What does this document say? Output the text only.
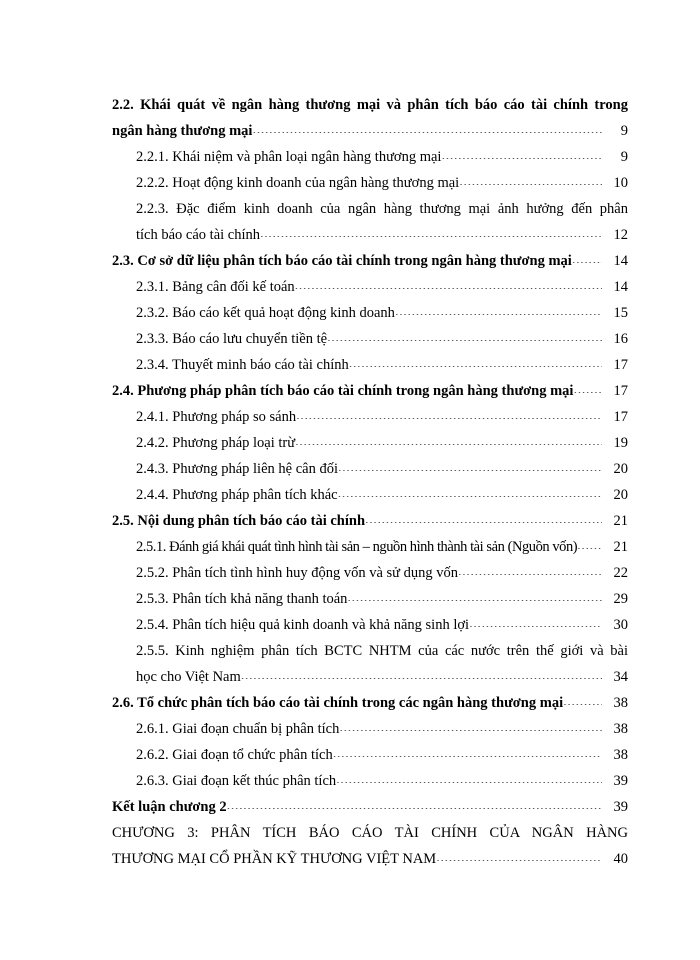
2.2. Khái quát về ngân hàng thương mại và phân tích báo cáo tài chính trong
ngân hàng thương mại .....	9
2.2.1. Khái niệm và phân loại ngân hàng thương mại .....	9
2.2.2. Hoạt động kinh doanh của ngân hàng thương mại .....	10
2.2.3. Đặc điểm kinh doanh của ngân hàng thương mại ảnh hưởng đến phân
tích báo cáo tài chính .....	12
2.3. Cơ sở dữ liệu phân tích báo cáo tài chính trong ngân hàng thương mại .....	14
2.3.1. Bảng cân đối kế toán .....	14
2.3.2. Báo cáo kết quả hoạt động kinh doanh .....	15
2.3.3. Báo cáo lưu chuyển tiền tệ .....	16
2.3.4. Thuyết minh báo cáo tài chính .....	17
2.4. Phương pháp phân tích báo cáo tài chính trong ngân hàng thương mại .....	17
2.4.1. Phương pháp so sánh .....	17
2.4.2. Phương pháp loại trừ .....	19
2.4.3. Phương pháp liên hệ cân đối .....	20
2.4.4. Phương pháp phân tích khác .....	20
2.5. Nội dung phân tích báo cáo tài chính .....	21
2.5.1. Đánh giá khái quát tình hình tài sản – nguồn hình thành tài sản (Nguồn vốn) .....	21
2.5.2. Phân tích tình hình huy động vốn và sử dụng vốn .....	22
2.5.3. Phân tích khả năng thanh toán .....	29
2.5.4. Phân tích hiệu quả kinh doanh và khả năng sinh lợi .....	30
2.5.5. Kinh nghiệm phân tích BCTC NHTM của các nước trên thế giới và bài
học cho Việt Nam .....	34
2.6. Tổ chức phân tích báo cáo tài chính trong các ngân hàng thương mại .....	38
2.6.1. Giai đoạn chuẩn bị phân tích .....	38
2.6.2. Giai đoạn tổ chức phân tích .....	38
2.6.3. Giai đoạn kết thúc phân tích .....	39
Kết luận chương 2 .....	39
CHƯƠNG 3: PHÂN TÍCH BÁO CÁO TÀI CHÍNH CỦA NGÂN HÀNG
THƯƠNG MẠI CỔ PHẦN KỸ THƯƠNG VIỆT NAM .....	40
